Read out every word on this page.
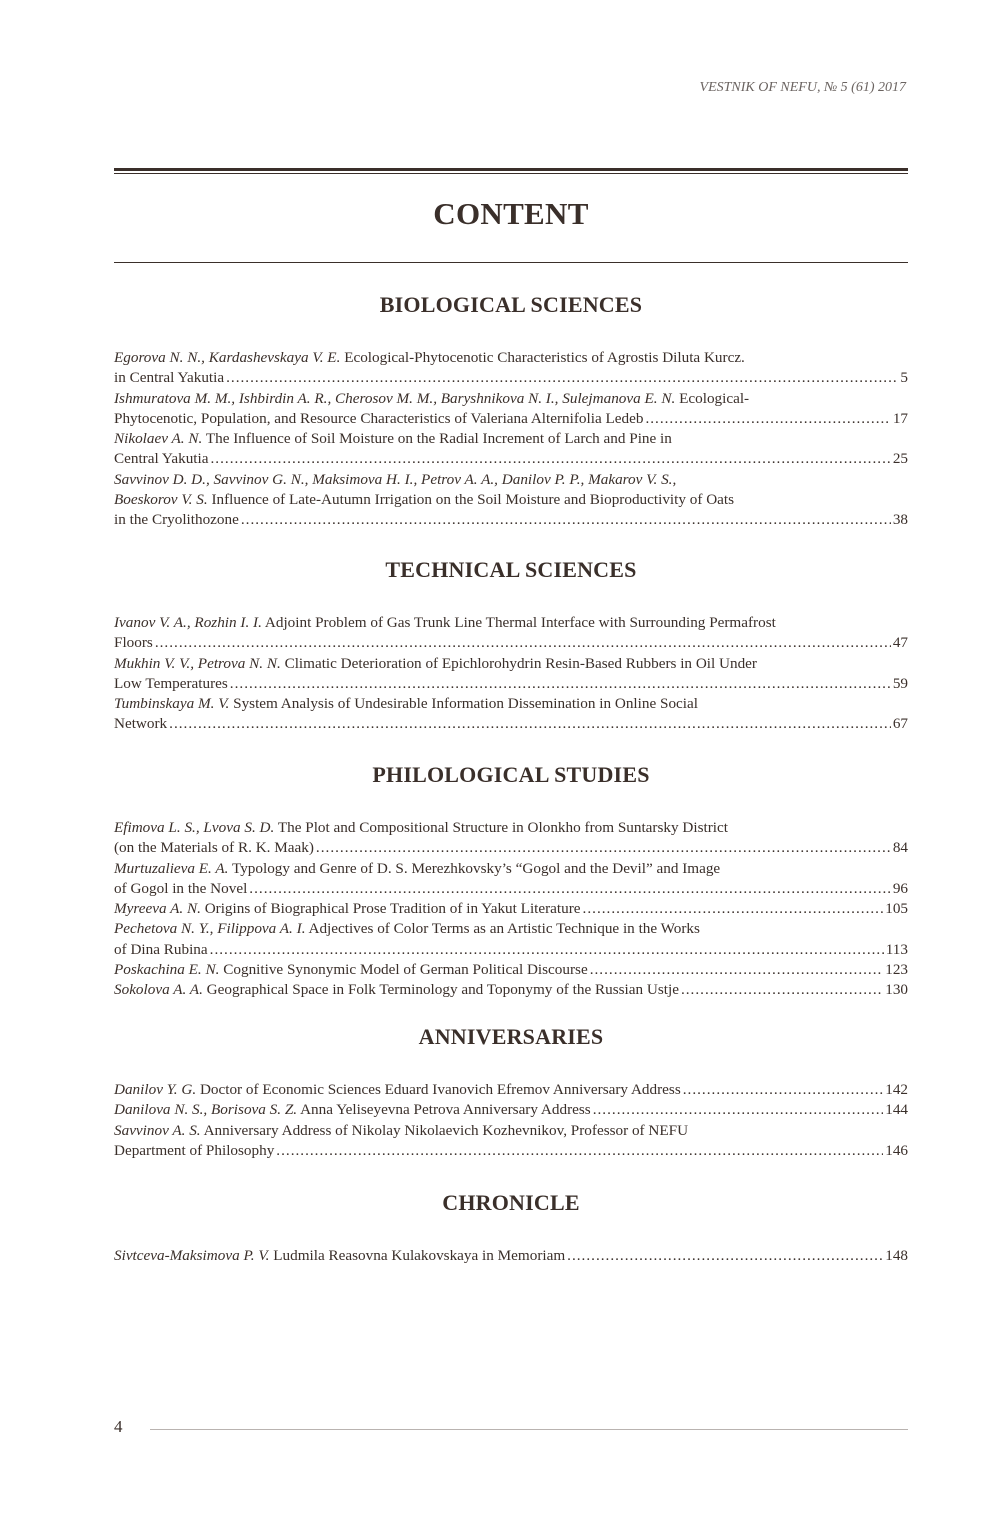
VESTNIK OF NEFU, № 5 (61) 2017
CONTENT
BIOLOGICAL SCIENCES
Egorova N. N., Kardashevskaya V. E. Ecological-Phytocenotic Characteristics of Agrostis Diluta Kurcz.
in Central Yakutia .....	5
Ishmuratova M. M., Ishbirdin A. R., Cherosov M. M., Baryshnikova N. I., Sulejmanova E. N. Ecological-
Phytocenotic, Population, and Resource Characteristics of Valeriana Alternifolia Ledeb .....	17
Nikolaev A. N. The Influence of Soil Moisture on the Radial Increment of Larch and Pine in
Central Yakutia .....	25
Savvinov D. D., Savvinov G. N., Maksimova H. I., Petrov A. A., Danilov P. P., Makarov V. S.,
Boeskorov V. S. Influence of Late-Autumn Irrigation on the Soil Moisture and Bioproductivity of Oats
in the Cryolithozone .....	38
TECHNICAL SCIENCES
Ivanov V. A., Rozhin I. I. Adjoint Problem of Gas Trunk Line Thermal Interface with Surrounding Permafrost
Floors .....	47
Mukhin V. V., Petrova N. N. Climatic Deterioration of Epichlorohydrin Resin-Based Rubbers in Oil Under
Low Temperatures .....	59
Tumbinskaya M. V. System Analysis of Undesirable Information Dissemination in Online Social
Network .....	67
PHILOLOGICAL STUDIES
Efimova L. S., Lvova S. D. The Plot and Compositional Structure in Olonkho from Suntarsky District
(on the Materials of R. K. Maak) .....	84
Murtuzalieva E. A. Typology and Genre of D. S. Merezhkovsky’s “Gogol and the Devil” and Image
of Gogol in the Novel .....	96
Myreeva A. N. Origins of Biographical Prose Tradition of in Yakut Literature .....	105
Pechetova N. Y., Filippova A. I. Adjectives of Color Terms as an Artistic Technique in the Works
of Dina Rubina .....	113
Poskachina E. N. Cognitive Synonymic Model of German Political Discourse .....	123
Sokolova A. A. Geographical Space in Folk Terminology and Toponymy of the Russian Ustje .....	130
ANNIVERSARIES
Danilov Y. G. Doctor of Economic Sciences Eduard Ivanovich Efremov Anniversary Address .....	142
Danilova N. S., Borisova S. Z. Anna Yeliseyevna Petrova Anniversary Address .....	144
Savvinov A. S. Anniversary Address of Nikolay Nikolaevich Kozhevnikov, Professor of NEFU
Department of Philosophy .....	146
CHRONICLE
Sivtceva-Maksimova P. V. Ludmila Reasovna Kulakovskaya in Memoriam .....	148
4
